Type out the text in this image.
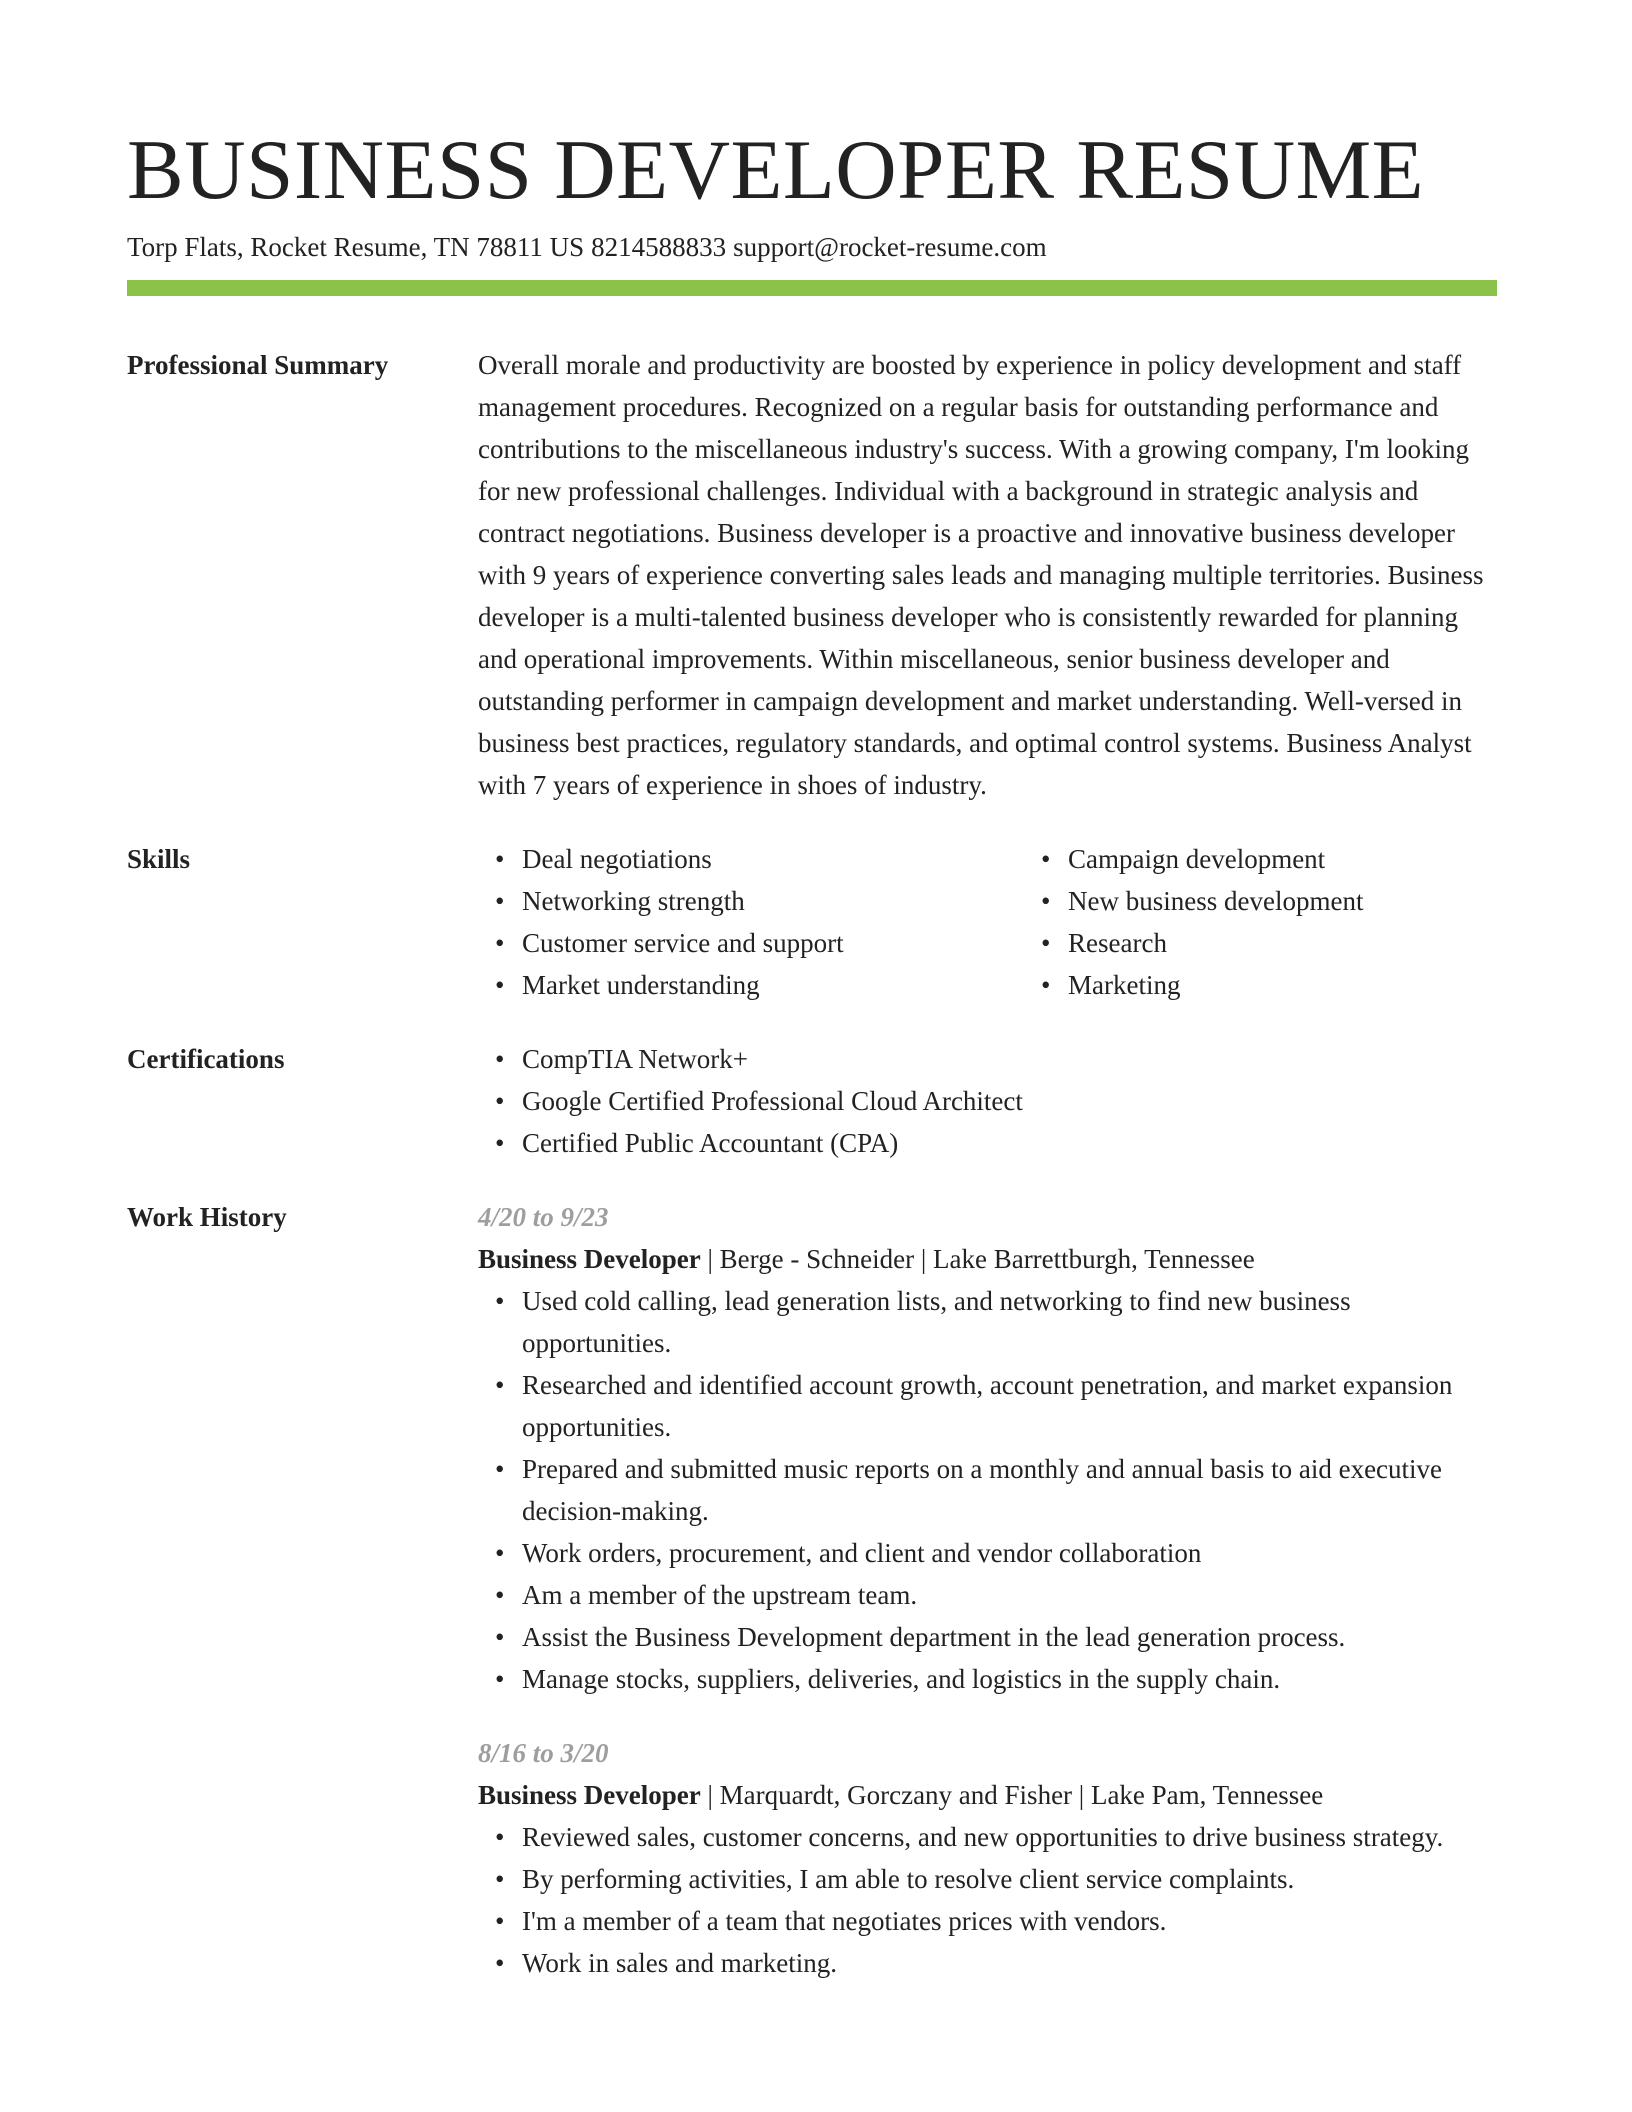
BUSINESS DEVELOPER RESUME
Torp Flats, Rocket Resume, TN 78811 US 8214588833 support@rocket-resume.com
Professional Summary	Overall morale and productivity are boosted by experience in policy development and staff management procedures. Recognized on a regular basis for outstanding performance and contributions to the miscellaneous industry's success. With a growing company, I'm looking for new professional challenges. Individual with a background in strategic analysis and contract negotiations. Business developer is a proactive and innovative business developer with 9 years of experience converting sales leads and managing multiple territories. Business developer is a multi-talented business developer who is consistently rewarded for planning and operational improvements. Within miscellaneous, senior business developer and outstanding performer in campaign development and market understanding. Well-versed in business best practices, regulatory standards, and optimal control systems. Business Analyst with 7 years of experience in shoes of industry.

Skills	• Deal negotiations
• Networking strength
• Customer service and support
• Market understanding
• Campaign development
• New business development
• Research
• Marketing
Certifications	• CompTIA Network+
• Google Certified Professional Cloud Architect
• Certified Public Accountant (CPA)
Work History	4/20 to 9/23
Business Developer | Berge - Schneider | Lake Barrettburgh, Tennessee
• Used cold calling, lead generation lists, and networking to find new business opportunities.
• Researched and identified account growth, account penetration, and market expansion opportunities.
• Prepared and submitted music reports on a monthly and annual basis to aid executive decision-making.
• Work orders, procurement, and client and vendor collaboration
• Am a member of the upstream team.
• Assist the Business Development department in the lead generation process.
• Manage stocks, suppliers, deliveries, and logistics in the supply chain.
8/16 to 3/20
Business Developer | Marquardt, Gorczany and Fisher | Lake Pam, Tennessee
• Reviewed sales, customer concerns, and new opportunities to drive business strategy.
• By performing activities, I am able to resolve client service complaints.
• I'm a member of a team that negotiates prices with vendors.
• Work in sales and marketing.
